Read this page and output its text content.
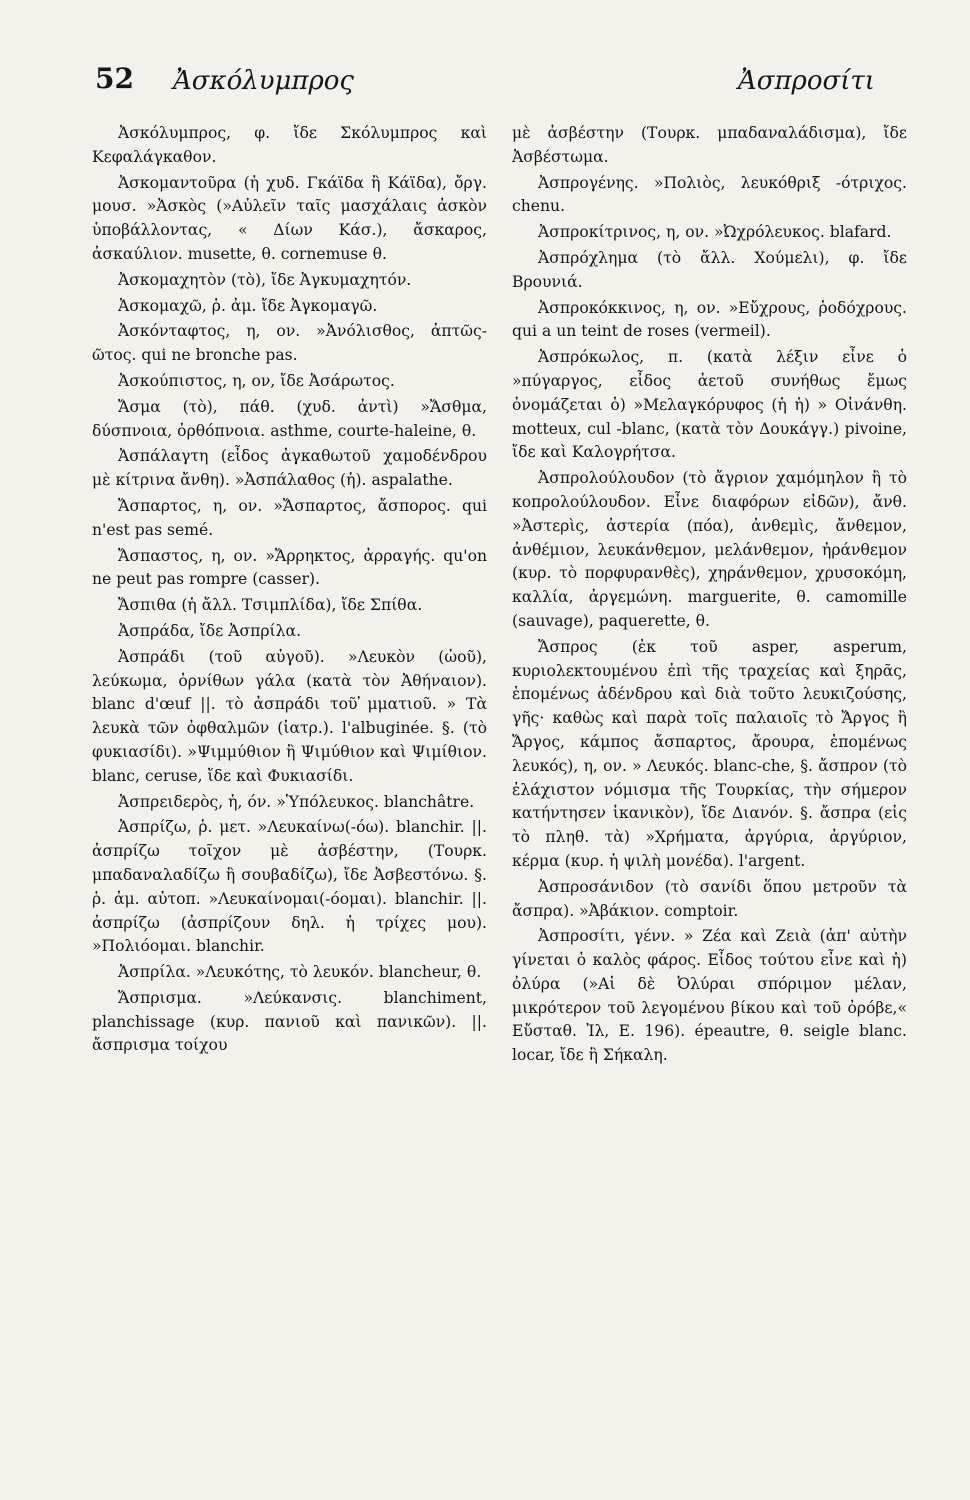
52 Ἀσκόλυμπρος	Ἀσπροσίτι

Ἀσκόλυμπρος, φ. ἴδε Σκόλυμπρος καὶ Κεφαλάγκαθον.

Ἀσκομαντοῦρα (ἡ χυδ. Γκάϊδα ἢ Κάϊδα), ὄργ. μουσ. »Ἀσκὸς (»Αὐλεῖν ταῖς μασχάλαις ἀσκὸν ὑποβάλλοντας, « Δίων Κάσ.), ἄσκαρος, ἀσκαύλιον. musette, θ. cornemuse θ.

Ἀσκομαχητὸν (τὸ), ἴδε Ἀγκυμαχητόν.

Ἀσκομαχῶ, ῥ. ἀμ. ἴδε Ἀγκομαγῶ.

Ἀσκόνταφτος, η, ον. »Ἀνόλισθος, ἀπτῶς-ῶτος. qui ne bronche pas.

Ἀσκούπιστος, η, ον, ἴδε Ἀσάρωτος.

Ἄσμα (τὸ), πάθ. (χυδ. ἀντὶ) »Ἄσθμα, δύσπνοια, ὀρθόπνοια. asthme, courte-haleine, θ.

Ἀσπάλαγτη (εἶδος ἀγκαθωτοῦ χαμοδένδρου μὲ κίτρινα ἄνθη). »Ἀσπάλαθος (ἡ). aspalathe.

Ἄσπαρτος, η, ον. »Ἄσπαρτος, ἄσπορος. qui n'est pas semé.

Ἄσπαστος, η, ον. »Ἄρρηκτος, ἀρραγής. qu'on ne peut pas rompre (casser).

Ἄσπιθα (ἡ ἄλλ. Τσιμπλίδα), ἴδε Σπίθα.

Ἀσπράδα, ἴδε Ἀσπρίλα.

Ἀσπράδι (τοῦ αὐγοῦ). »Λευκὸν (ὠοῦ), λεύκωμα, ὀρνίθων γάλα (κατὰ τὸν Ἀθήναιον). blanc d'œuf ||. τὸ ἀσπράδι τοῦ ̓μματιοῦ. » Τὰ λευκὰ τῶν ὀφθαλμῶν (ἰατρ.). l'albuginée. §. (τὸ φυκιασίδι). »Ψιμμύθιον ἢ Ψιμύθιον καὶ Ψιμίθιον. blanc, ceruse, ἴδε καὶ Φυκιασίδι.

Ἀσπρειδερὸς, ἡ, όν. »Ὑπόλευκος. blanchâtre.

Ἀσπρίζω, ῥ. μετ. »Λευκαίνω(-όω). blanchir. ||. ἀσπρίζω τοῖχον μὲ ἀσβέστην, (Τουρκ. μπαδαναλαδίζω ἢ σουβαδίζω), ἴδε Ἀσβεστόνω. §. ῥ. ἀμ. αὐτοπ. »Λευκαίνομαι(-όομαι). blanchir. ||. ἀσπρίζω (ἀσπρίζουν δηλ. ἡ τρίχες μου). »Πολιόομαι. blanchir.

Ἀσπρίλα. »Λευκότης, τὸ λευκόν. blancheur, θ.

Ἄσπρισμα. »Λεύκανσις. blanchiment, planchissage (κυρ. πανιοῦ καὶ πανικῶν). ||. ἄσπρισμα τοίχου

μὲ ἀσβέστην (Τουρκ. μπαδαναλάδισμα), ἴδε Ἀσβέστωμα.

Ἀσπρογένης. »Πολιὸς, λευκόθριξ -ότριχος. chenu.

Ἀσπροκίτρινος, η, ον. »Ὠχρόλευκος. blafard.

Ἀσπρόχλημα (τὸ ἄλλ. Χούμελι), φ. ἴδε Βρουνιά.

Ἀσπροκόκκινος, η, ον. »Εὔχρους, ῥοδόχρους. qui a un teint de roses (vermeil).

Ἀσπρόκωλος, π. (κατὰ λέξιν εἶνε ὁ »πύγαργος, εἶδος ἀετοῦ συνήθως ἔμως ὀνομάζεται ὁ) »Μελαγκόρυφος (ἡ ἡ) » Οἰνάνθη. motteux, cul -blanc, (κατὰ τὸν Δουκάγγ.) pivoine, ἴδε καὶ Καλογρήτσα.

Ἀσπρολούλουδον (τὸ ἄγριον χαμόμηλον ἢ τὸ κοπρολούλουδον. Εἶνε διαφόρων εἰδῶν), ἄνθ. »Ἀστερὶς, ἀστερία (πόα), ἀνθεμὶς, ἄνθεμον, ἀνθέμιον, λευκάνθεμον, μελάνθεμον, ἠράνθεμον (κυρ. τὸ πορφυρανθὲς), χηράνθεμον, χρυσοκόμη, καλλία, ἀργεμώνη. marguerite, θ. camomille (sauvage), paquerette, θ.

Ἄσπρος (ἐκ τοῦ asper, asperum, κυριολεκτουμένου ἐπὶ τῆς τραχείας καὶ ξηρᾶς, ἑπομένως ἀδένδρου καὶ διὰ τοῦτο λευκιζούσης, γῆς· καθὼς καὶ παρὰ τοῖς παλαιοῖς τὸ Ἄργος ἢ Ἄργος, κάμπος ἄσπαρτος, ἄρουρα, ἑπομένως λευκός), η, ον. » Λευκός. blanc-che, §. ἄσπρον (τὸ ἐλάχιστον νόμισμα τῆς Τουρκίας, τὴν σήμερον κατήντησεν ἱκανικὸν), ἴδε Διανόν. §. ἄσπρα (εἰς τὸ πληθ. τὰ) »Χρήματα, ἀργύρια, ἀργύριον, κέρμα (κυρ. ἡ ψιλὴ μονέδα). l'argent.

Ἀσπροσάνιδον (τὸ σανίδι ὅπου μετροῦν τὰ ἄσπρα). »Ἀβάκιον. comptoir.

Ἀσπροσίτι, γένν. » Ζέα καὶ Ζειὰ (ἀπ' αὐτὴν γίνεται ὁ καλὸς φάρος. Εἶδος τούτου εἶνε καὶ ἡ) ὀλύρα (»Αἱ δὲ Ὀλύραι σπόριμον μέλαν, μικρότερον τοῦ λεγομένου βίκου καὶ τοῦ ὀρόβε,« Εὔσταθ. Ἰλ, Ε. 196). épeautre, θ. seigle blanc. locar, ἴδε ἢ Σήκαλη.
